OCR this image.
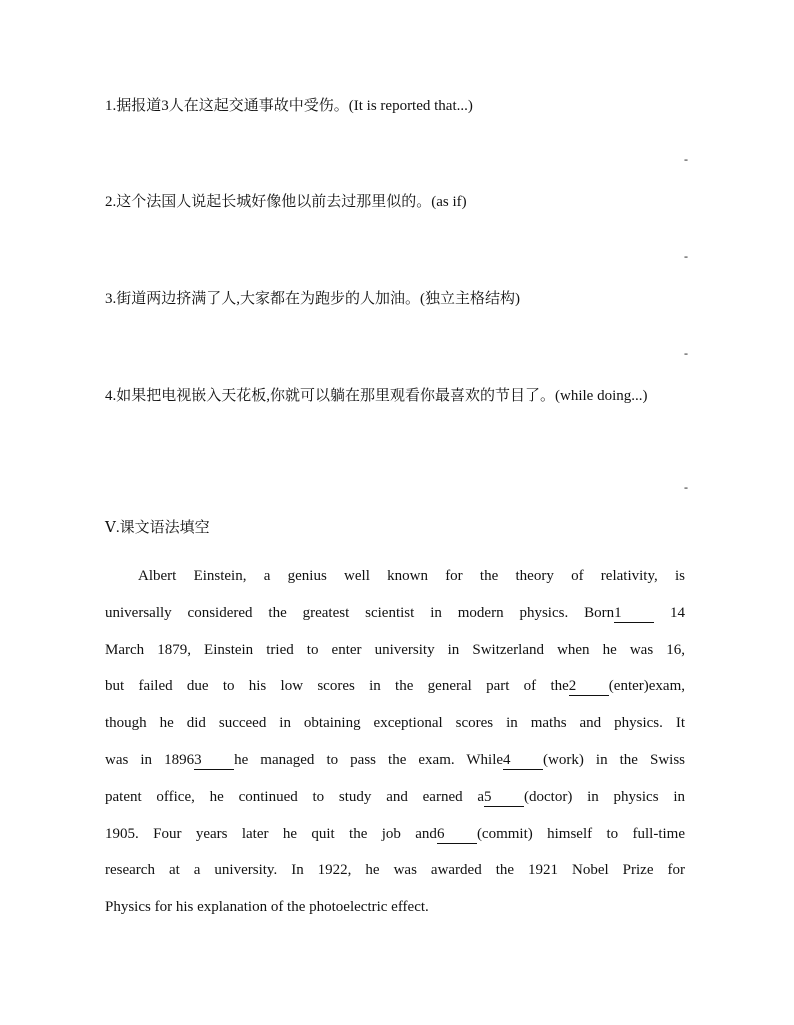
1.据报道3人在这起交通事故中受伤。(It is reported that...)
-
2.这个法国人说起长城好像他以前去过那里似的。(as if)
-
3.街道两边挤满了人,大家都在为跑步的人加油。(独立主格结构)
-
4.如果把电视嵌入天花板,你就可以躺在那里观看你最喜欢的节目了。(while doing...)
-
Ⅴ.课文语法填空
Albert Einstein, a genius well known for the theory of relativity, is
universally considered the greatest scientist in modern physics. Born1	14
March 1879, Einstein tried to enter university in Switzerland when he was 16,
but failed due to his low scores in the general part of the2 (enter)exam,
though he did succeed in obtaining exceptional scores in maths and physics. It
was in 18963 he managed to pass the exam. While4 (work) in the Swiss
patent office, he continued to study and earned a5 (doctor) in physics in
1905. Four years later he quit the job and6 (commit) himself to full-time
research at a university. In 1922, he was awarded the 1921 Nobel Prize for
Physics for his explanation of the photoelectric effect.
